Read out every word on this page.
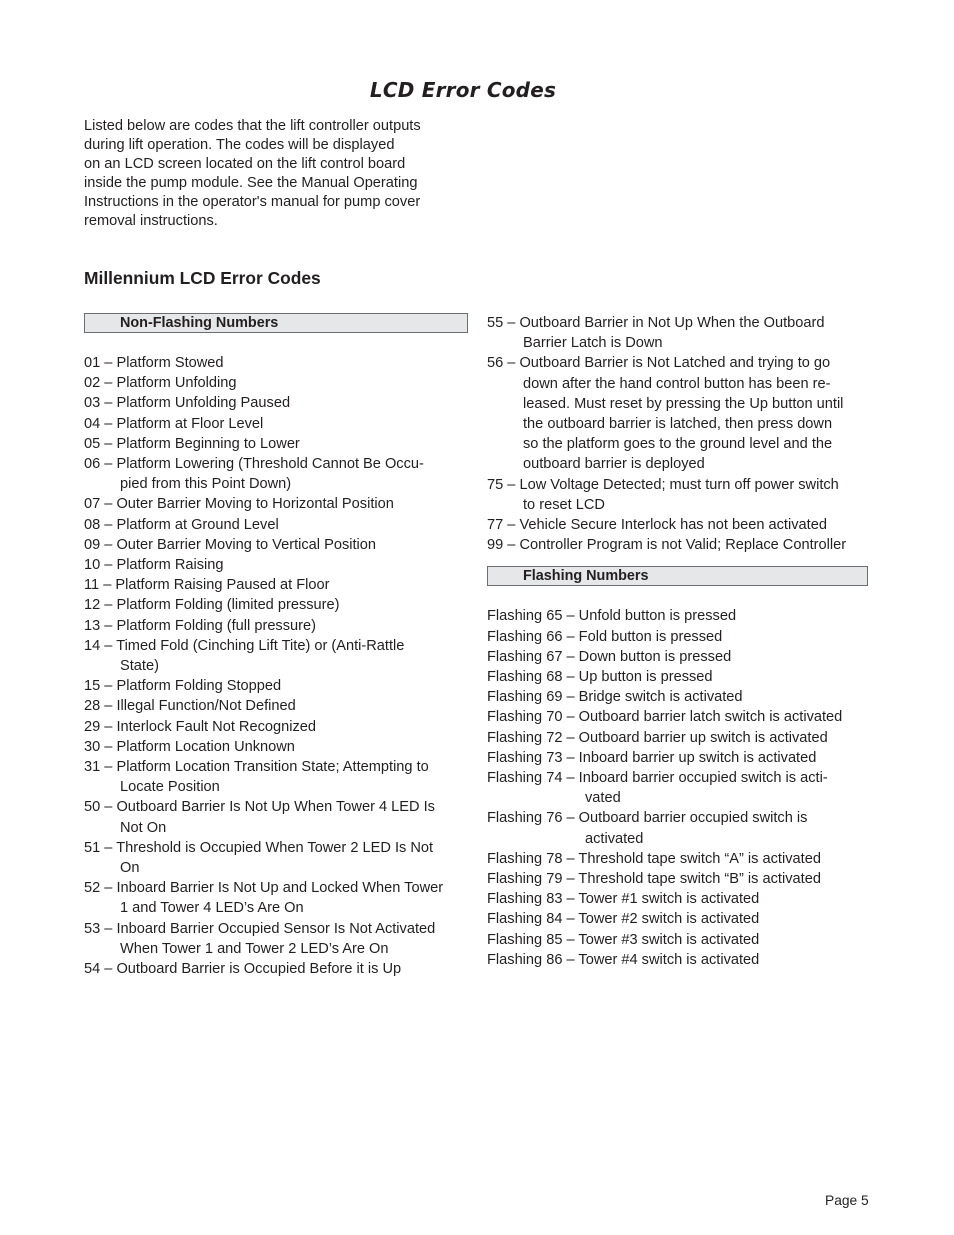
LCD Error Codes
Listed below are codes that the lift controller outputs
during lift operation. The codes will be displayed
on an LCD screen located on the lift control board
inside the pump module. See the Manual Operating
Instructions in the operator's manual for pump cover
removal instructions.
Millennium LCD Error Codes
Non-Flashing Numbers
01 – Platform Stowed
02 – Platform Unfolding
03 – Platform Unfolding Paused
04 – Platform at Floor Level
05 – Platform Beginning to Lower
06 – Platform Lowering (Threshold Cannot Be Occu-
pied from this Point Down)
07 – Outer Barrier Moving to Horizontal Position
08 – Platform at Ground Level
09 – Outer Barrier Moving to Vertical Position
10 – Platform Raising
11 – Platform Raising Paused at Floor
12 – Platform Folding (limited pressure)
13 – Platform Folding (full pressure)
14 – Timed Fold (Cinching Lift Tite) or (Anti-Rattle
State)
15 – Platform Folding Stopped
28 – Illegal Function/Not Defined
29 – Interlock Fault Not Recognized
30 – Platform Location Unknown
31 – Platform Location Transition State; Attempting to
Locate Position
50 – Outboard Barrier Is Not Up When Tower 4 LED Is
Not On
51 – Threshold is Occupied When Tower 2 LED Is Not
On
52 – Inboard Barrier Is Not Up and Locked When Tower
1 and Tower 4 LED’s Are On
53 – Inboard Barrier Occupied Sensor Is Not Activated
When Tower 1 and Tower 2 LED’s Are On
54 – Outboard Barrier is Occupied Before it is Up
55 – Outboard Barrier in Not Up When the Outboard
Barrier Latch is Down
56 – Outboard Barrier is Not Latched and trying to go
down after the hand control button has been re-
leased. Must reset by pressing the Up button until
the outboard barrier is latched, then press down
so the platform goes to the ground level and the
outboard barrier is deployed
75 – Low Voltage Detected; must turn off power switch
to reset LCD
77 – Vehicle Secure Interlock has not been activated
99 – Controller Program is not Valid; Replace Controller
Flashing Numbers
Flashing 65 – Unfold button is pressed
Flashing 66 – Fold button is pressed
Flashing 67 – Down button is pressed
Flashing 68 – Up button is pressed
Flashing 69 – Bridge switch is activated
Flashing 70 – Outboard barrier latch switch is activated
Flashing 72 – Outboard barrier up switch is activated
Flashing 73 – Inboard barrier up switch is activated
Flashing 74 – Inboard barrier occupied switch is acti-
vated
Flashing 76 – Outboard barrier occupied switch is
activated
Flashing 78 – Threshold tape switch “A” is activated
Flashing 79 – Threshold tape switch “B” is activated
Flashing 83 – Tower #1 switch is activated
Flashing 84 – Tower #2 switch is activated
Flashing 85 – Tower #3 switch is activated
Flashing 86 – Tower #4 switch is activated
Page 5
